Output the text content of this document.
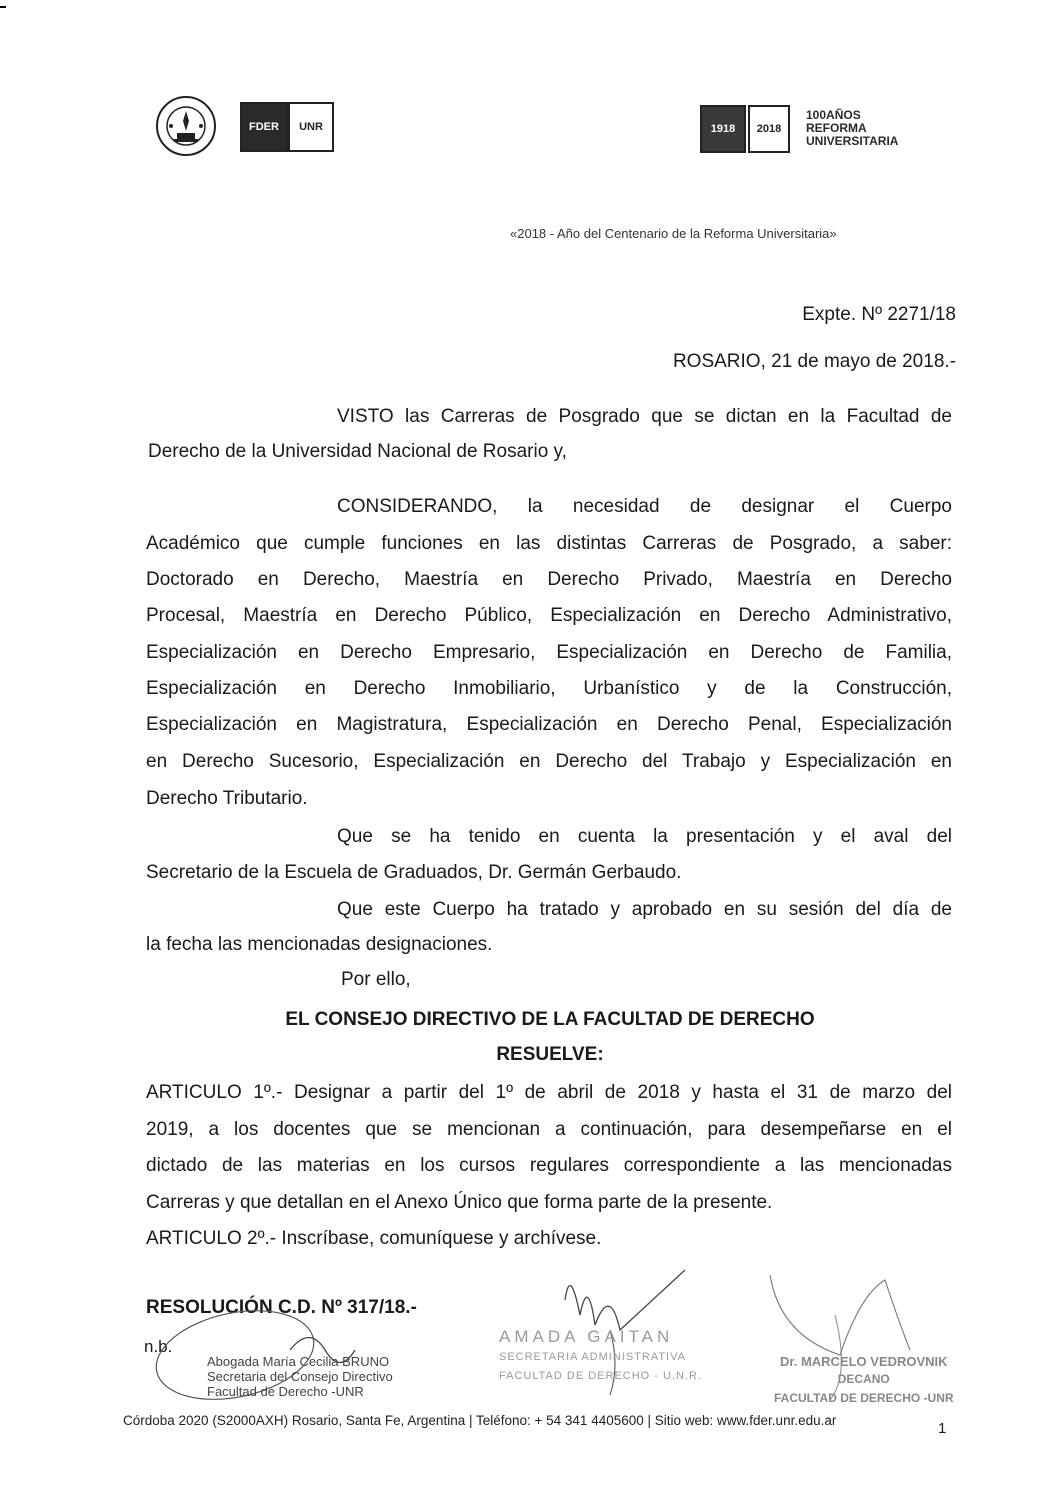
FDER	UNR	1918	2018
100AÑOS
REFORMA
UNIVERSITARIA
«2018 - Año del Centenario de la Reforma Universitaria»
Expte. Nº 2271/18
ROSARIO, 21 de mayo de 2018.-
VISTO las Carreras de Posgrado que se dictan en la Facultad de
Derecho de la Universidad Nacional de Rosario y,
CONSIDERANDO, la necesidad de designar el Cuerpo
Académico que cumple funciones en las distintas Carreras de Posgrado, a saber:
Doctorado en Derecho, Maestría en Derecho Privado, Maestría en Derecho
Procesal, Maestría en Derecho Público, Especialización en Derecho Administrativo,
Especialización en Derecho Empresario, Especialización en Derecho de Familia,
Especialización en Derecho Inmobiliario, Urbanístico y de la Construcción,
Especialización en Magistratura, Especialización en Derecho Penal, Especialización
en Derecho Sucesorio, Especialización en Derecho del Trabajo y Especialización en
Derecho Tributario.
Que se ha tenido en cuenta la presentación y el aval del
Secretario de la Escuela de Graduados, Dr. Germán Gerbaudo.
Que este Cuerpo ha tratado y aprobado en su sesión del día de
la fecha las mencionadas designaciones.
Por ello,
EL CONSEJO DIRECTIVO DE LA FACULTAD DE DERECHO
RESUELVE:
ARTICULO 1º.- Designar a partir del 1º de abril de 2018 y hasta el 31 de marzo del
2019, a los docentes que se mencionan a continuación, para desempeñarse en el
dictado de las materias en los cursos regulares correspondiente a las mencionadas
Carreras y que detallan en el Anexo Único que forma parte de la presente.
ARTICULO 2º.- Inscríbase, comuníquese y archívese.
RESOLUCIÓN C.D. Nº 317/18.-
n.b.
Abogada María Cecilia BRUNO
Secretaria del Consejo Directivo
Facultad de Derecho -UNR
AMADA GAITAN
SECRETARIA ADMINISTRATIVA
FACULTAD DE DERECHO - U.N.R.
Dr. MARCELO VEDROVNIK
DECANO
FACULTAD DE DERECHO -UNR
Córdoba 2020 (S2000AXH) Rosario, Santa Fe, Argentina | Teléfono: + 54 341 4405600 | Sitio web: www.fder.unr.edu.ar	1
